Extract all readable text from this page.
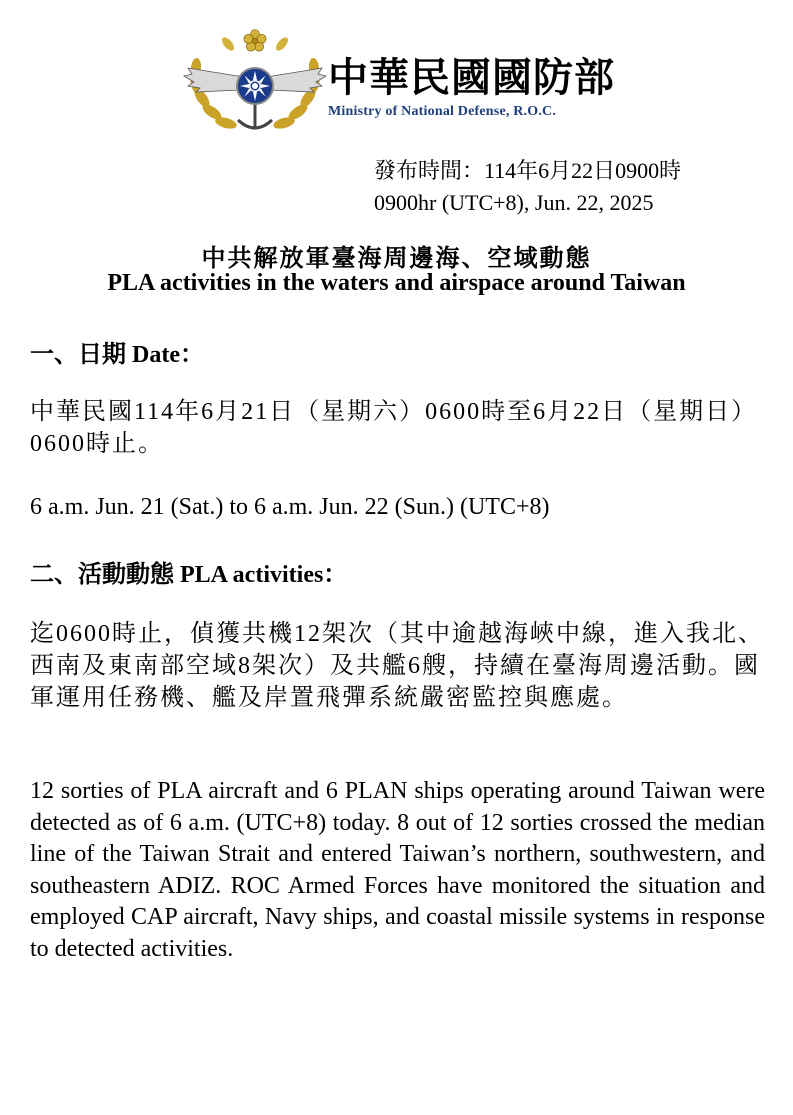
中華民國國防部
Ministry of National Defense, R.O.C.
發布時間：114年6月22日0900時
0900hr (UTC+8), Jun. 22, 2025
中共解放軍臺海周邊海、空域動態
PLA activities in the waters and airspace around Taiwan
一、日期 Date：
中華民國114年6月21日（星期六）0600時至6月22日（星期日）0600時止。
6 a.m. Jun. 21 (Sat.) to 6 a.m. Jun. 22 (Sun.) (UTC+8)
二、活動動態 PLA activities：
迄0600時止，偵獲共機12架次（其中逾越海峽中線，進入我北、西南及東南部空域8架次）及共艦6艘，持續在臺海周邊活動。國軍運用任務機、艦及岸置飛彈系統嚴密監控與應處。
12 sorties of PLA aircraft and 6 PLAN ships operating around Taiwan were detected as of 6 a.m. (UTC+8) today. 8 out of 12 sorties crossed the median line of the Taiwan Strait and entered Taiwan’s northern, southwestern, and southeastern ADIZ. ROC Armed Forces have monitored the situation and employed CAP aircraft, Navy ships, and coastal missile systems in response to detected activities.
